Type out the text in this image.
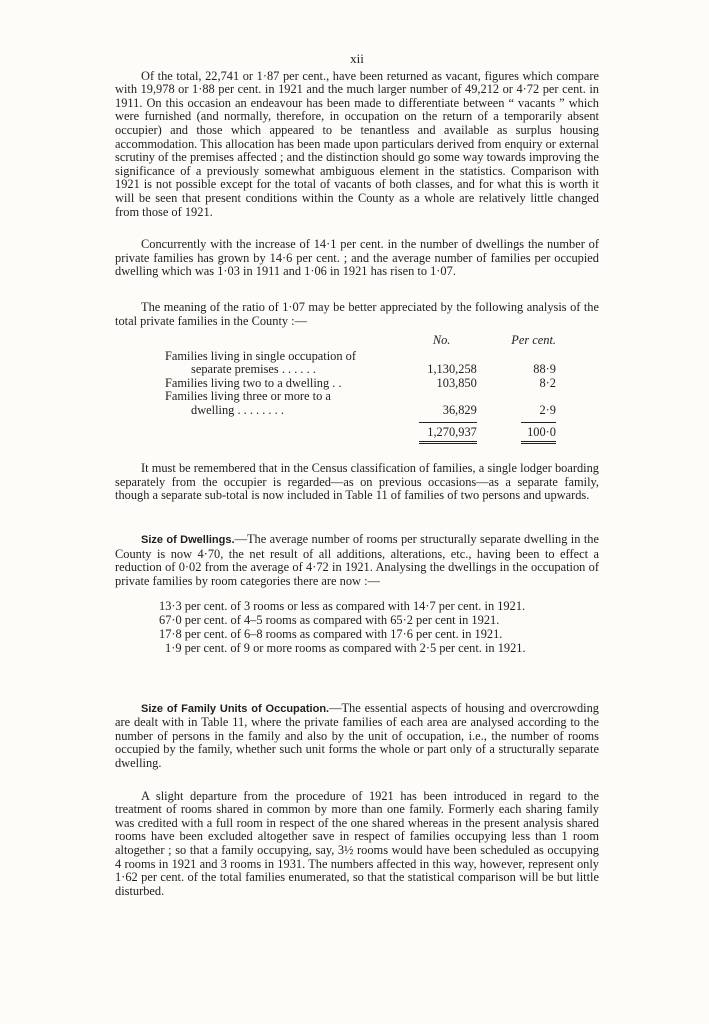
xii

Of the total, 22,741 or 1·87 per cent., have been returned as vacant, figures which compare with 19,978 or 1·88 per cent. in 1921 and the much larger number of 49,212 or 4·72 per cent. in 1911. On this occasion an endeavour has been made to differentiate between “ vacants ” which were furnished (and normally, therefore, in occupation on the return of a temporarily absent occupier) and those which appeared to be tenantless and available as surplus housing accommodation. This allocation has been made upon particulars derived from enquiry or external scrutiny of the premises affected ; and the distinction should go some way towards improving the significance of a previously somewhat ambiguous element in the statistics. Comparison with 1921 is not possible except for the total of vacants of both classes, and for what this is worth it will be seen that present conditions within the County as a whole are relatively little changed from those of 1921.

Concurrently with the increase of 14·1 per cent. in the number of dwellings the number of private families has grown by 14·6 per cent. ; and the average number of families per occupied dwelling which was 1·03 in 1911 and 1·06 in 1921 has risen to 1·07.

The meaning of the ratio of 1·07 may be better appreciated by the following analysis of the total private families in the County :—

	No.	Per cent.
Families living in single occupation of		
separate premises . . . . . .	1,130,258	88·9
Families living two to a dwelling . .	103,850	8·2
Families living three or more to a		
dwelling . . . . . . . .	36,829	2·9
	1,270,937	100·0

It must be remembered that in the Census classification of families, a single lodger boarding separately from the occupier is regarded—as on previous occasions—as a separate family, though a separate sub-total is now included in Table 11 of families of two persons and upwards.

Size of Dwellings.—The average number of rooms per structurally separate dwelling in the County is now 4·70, the net result of all additions, alterations, etc., having been to effect a reduction of 0·02 from the average of 4·72 in 1921. Analysing the dwellings in the occupation of private families by room categories there are now :—

13·3 per cent. of 3 rooms or less as compared with 14·7 per cent. in 1921.
67·0 per cent. of 4–5 rooms as compared with 65·2 per cent in 1921.
17·8 per cent. of 6–8 rooms as compared with 17·6 per cent. in 1921.
1·9 per cent. of 9 or more rooms as compared with 2·5 per cent. in 1921.

Size of Family Units of Occupation.—The essential aspects of housing and overcrowding are dealt with in Table 11, where the private families of each area are analysed according to the number of persons in the family and also by the unit of occupation, i.e., the number of rooms occupied by the family, whether such unit forms the whole or part only of a structurally separate dwelling.

A slight departure from the procedure of 1921 has been introduced in regard to the treatment of rooms shared in common by more than one family. Formerly each sharing family was credited with a full room in respect of the one shared whereas in the present analysis shared rooms have been excluded altogether save in respect of families occupying less than 1 room altogether ; so that a family occupying, say, 3½ rooms would have been scheduled as occupying 4 rooms in 1921 and 3 rooms in 1931. The numbers affected in this way, however, represent only 1·62 per cent. of the total families enumerated, so that the statistical comparison will be but little disturbed.
